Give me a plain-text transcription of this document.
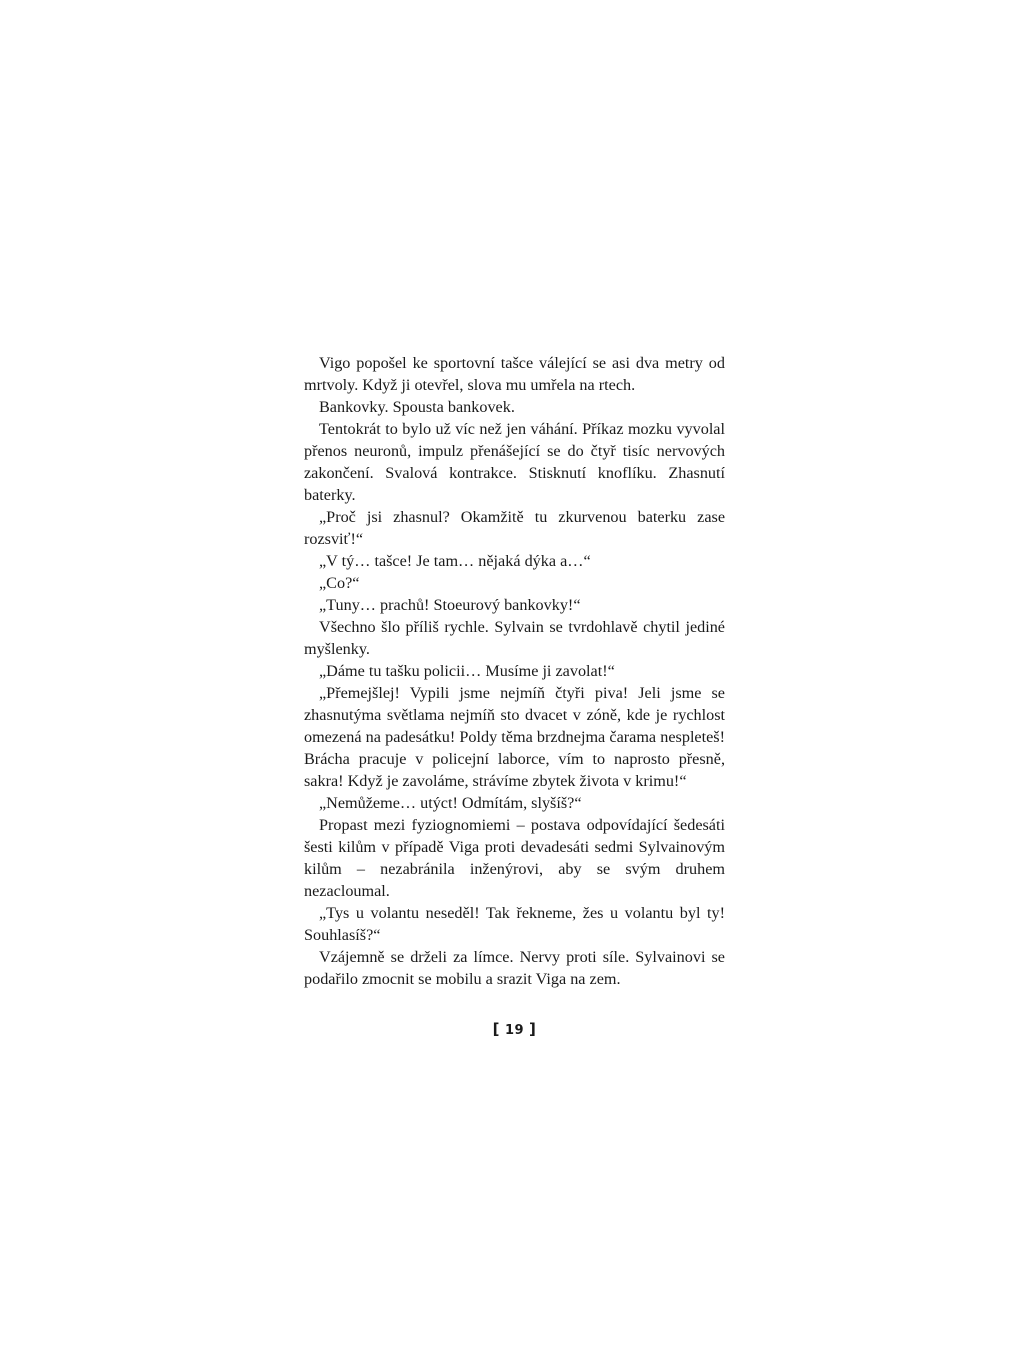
Vigo popošel ke sportovní tašce válející se asi dva metry od mrtvoly. Když ji otevřel, slova mu umřela na rtech.

Bankovky. Spousta bankovek.

Tentokrát to bylo už víc než jen váhání. Příkaz mozku vyvolal přenos neuronů, impulz přenášející se do čtyř tisíc nervových zakončení. Svalová kontrakce. Stisknutí knoflíku. Zhasnutí baterky.

„Proč jsi zhasnul? Okamžitě tu zkurvenou baterku zase rozsviť!“

„V tý… tašce! Je tam… nějaká dýka a…“

„Co?“

„Tuny… prachů! Stoeurový bankovky!“

Všechno šlo příliš rychle. Sylvain se tvrdohlavě chytil jediné myšlenky.

„Dáme tu tašku policii… Musíme ji zavolat!“

„Přemejšlej! Vypili jsme nejmíň čtyři piva! Jeli jsme se zhasnutýma světlama nejmíň sto dvacet v zóně, kde je rychlost omezená na padesátku! Poldy těma brzdnejma čarama nespleteš! Brácha pracuje v policejní laborce, vím to naprosto přesně, sakra! Když je zavoláme, strávíme zbytek života v krimu!“

„Nemůžeme… utýct! Odmítám, slyšíš?“

Propast mezi fyziognomiemi – postava odpovídající šedesáti šesti kilům v případě Viga proti devadesáti sedmi Sylvainovým kilům – nezabránila inženýrovi, aby se svým druhem nezacloumal.

„Tys u volantu neseděl! Tak řekneme, žes u volantu byl ty! Souhlasíš?“

Vzájemně se drželi za límce. Nervy proti síle. Sylvainovi se podařilo zmocnit se mobilu a srazit Viga na zem.

[ 19 ]
